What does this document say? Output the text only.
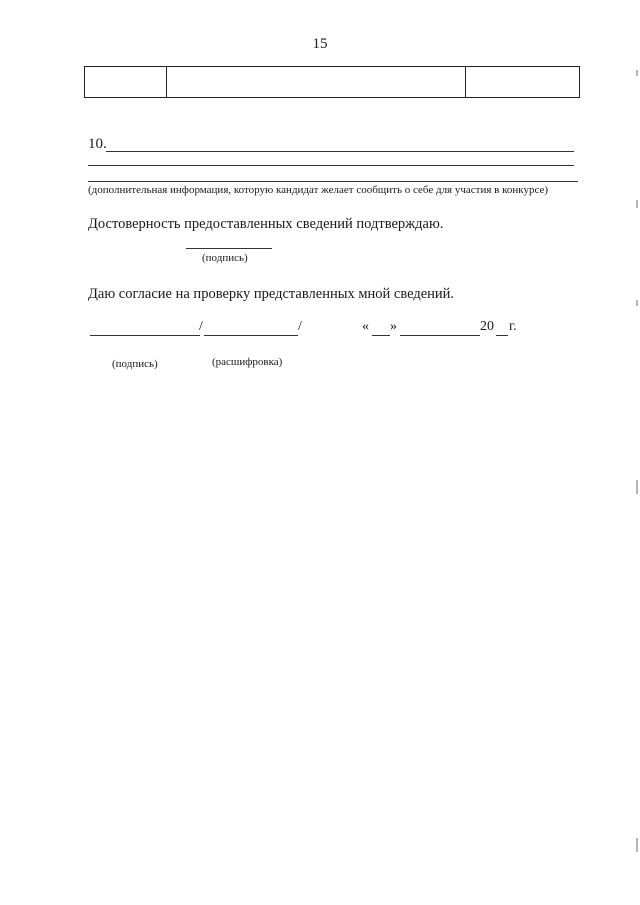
15
10.
(дополнительная информация, которую кандидат желает сообщить о себе для участия в конкурсе)
Достоверность предоставленных сведений подтверждаю.
(подпись)
Даю согласие на проверку представленных мной сведений.
/	/	« »	20 г.
(подпись)	(расшифровка)
